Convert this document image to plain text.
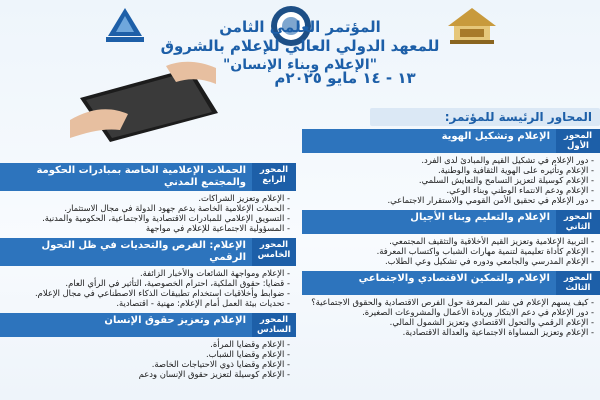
المؤتمر العلمي الثامن
للمعهد الدولي العالي للإعلام بالشروق
"الإعلام وبناء الإنسان"
١٣ - ١٤ مايو ٢٠٢٥م
المحاور الرئيسة للمؤتمر:
المحور الأول
الإعلام وتشكيل الهوية
- دور الإعلام في تشكيل القيم والمبادئ لدى الفرد.
- الإعلام وتأثيره على الهوية الثقافية والوطنية.
- الإعلام كوسيلة لتعزيز التسامح والتعايش السلمي.
- الإعلام ودعم الانتماء الوطني وبناء الوعي.
- دور الإعلام في تحقيق الأمن القومي والاستقرار الاجتماعي.
المحور الثاني
الإعلام والتعليم وبناء الأجيال
- التربية الإعلامية وتعزيز القيم الأخلاقية والتثقيف المجتمعي.
- الإعلام كأداة تعليمية لتنمية مهارات الشباب واكتساب المعرفة.
- الإعلام المدرسي والجامعي ودوره في تشكيل وعي الطلاب.
المحور الثالث
الإعلام والتمكين الاقتصادي والاجتماعي
- كيف يسهم الإعلام في نشر المعرفة حول الفرص الاقتصادية والحقوق الاجتماعية؟
- دور الإعلام في دعم الابتكار وريادة الأعمال والمشروعات الصغيرة.
- الإعلام الرقمي والتحول الاقتصادي وتعزيز الشمول المالي.
- الإعلام وتعزيز المساواة الاجتماعية والعدالة الاقتصادية.
المحور الرابع
الحملات الإعلامية الخاصة بمبادرات الحكومة والمجتمع المدني
- الإعلام وتعزيز الشراكات.
- الحملات الإعلامية الخاصة بدعم جهود الدولة في مجال الاستثمار.
- التسويق الإعلامي للمبادرات الاقتصادية والاجتماعية، الحكومية والمدنية.
- المسؤولية الاجتماعية للإعلام في مواجهة
المحور الخامس
الإعلام: الفرص والتحديات في ظل التحول الرقمي
- الإعلام ومواجهة الشائعات والأخبار الزائفة.
- قضايا: حقوق الملكية، احترام الخصوصية، التأثير في الرأي العام.
- ضوابط وأخلاقيات استخدام تطبيقات الذكاء الاصطناعي في مجال الإعلام.
- تحديات بيئة العمل أمام الإعلام: مهنية - اقتصادية.
المحور السادس
الإعلام وتعزيز حقوق الإنسان
- الإعلام وقضايا المرأة.
- الإعلام وقضايا الشباب.
- الإعلام وقضايا ذوي الاحتياجات الخاصة.
- الإعلام كوسيلة لتعزيز حقوق الإنسان ودعم
